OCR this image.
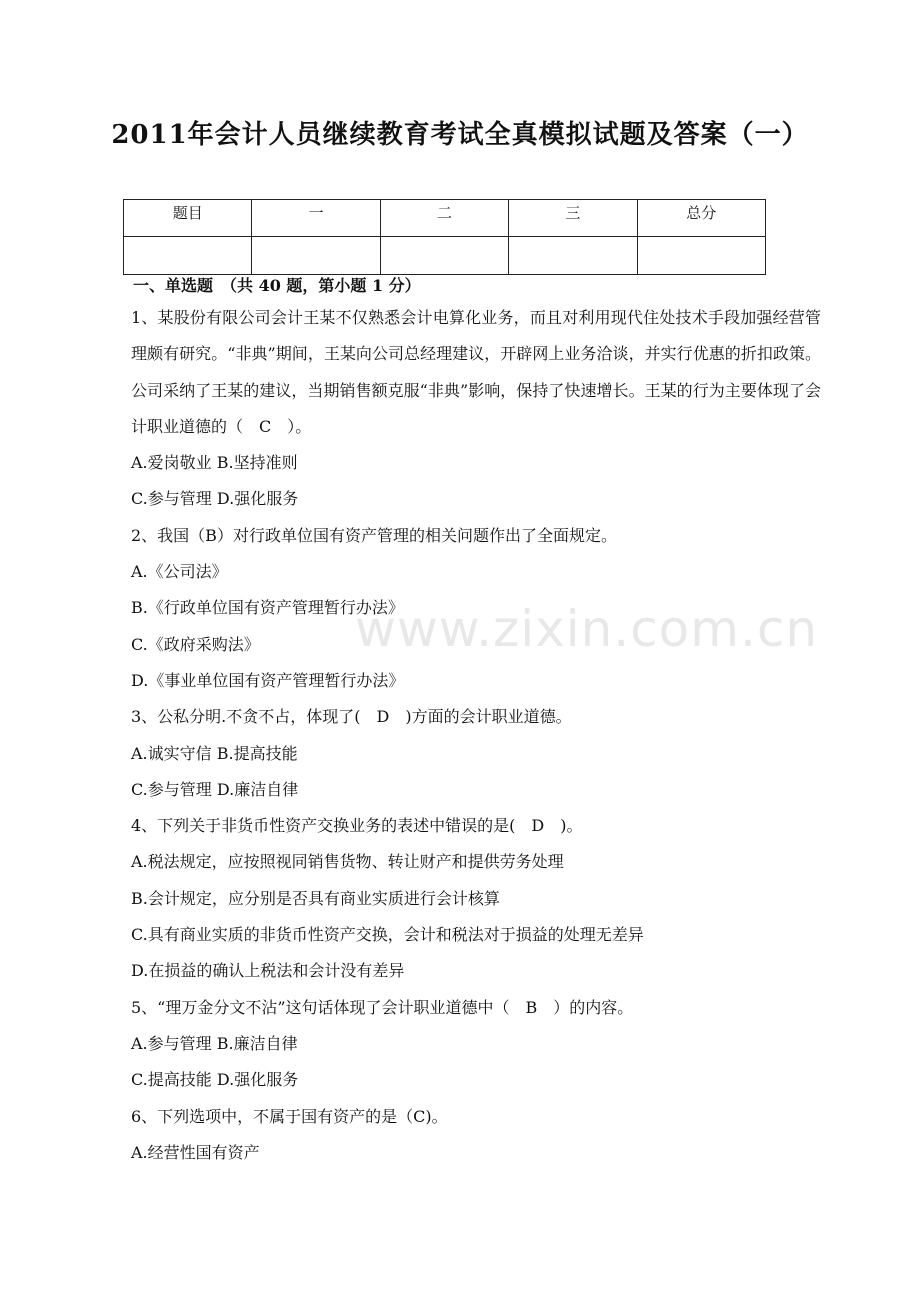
2011年会计人员继续教育考试全真模拟试题及答案（一）
题目	一	二	三	总分

一、单选题　（共 40 题，第小题 1 分）
1、某股份有限公司会计王某不仅熟悉会计电算化业务，而且对利用现代住处技术手段加强经营管理颇有研究。“非典”期间，王某向公司总经理建议，开辟网上业务洽谈，并实行优惠的折扣政策。公司采纳了王某的建议，当期销售额克服“非典”影响，保持了快速增长。王某的行为主要体现了会计职业道德的（　C　）。
A.爱岗敬业 B.坚持准则
C.参与管理 D.强化服务
2、我国（B）对行政单位国有资产管理的相关问题作出了全面规定。
A.《公司法》
B.《行政单位国有资产管理暂行办法》
C.《政府采购法》
D.《事业单位国有资产管理暂行办法》
3、公私分明.不贪不占，体现了(　D　)方面的会计职业道德。
A.诚实守信 B.提高技能
C.参与管理 D.廉洁自律
4、下列关于非货币性资产交换业务的表述中错误的是(　D　)。
A.税法规定，应按照视同销售货物、转让财产和提供劳务处理
B.会计规定，应分别是否具有商业实质进行会计核算
C.具有商业实质的非货币性资产交换，会计和税法对于损益的处理无差异
D.在损益的确认上税法和会计没有差异
5、“理万金分文不沾”这句话体现了会计职业道德中（　B　）的内容。
A.参与管理 B.廉洁自律
C.提高技能 D.强化服务
6、下列选项中，不属于国有资产的是（C)。
A.经营性国有资产
www.zixin.com.cn
